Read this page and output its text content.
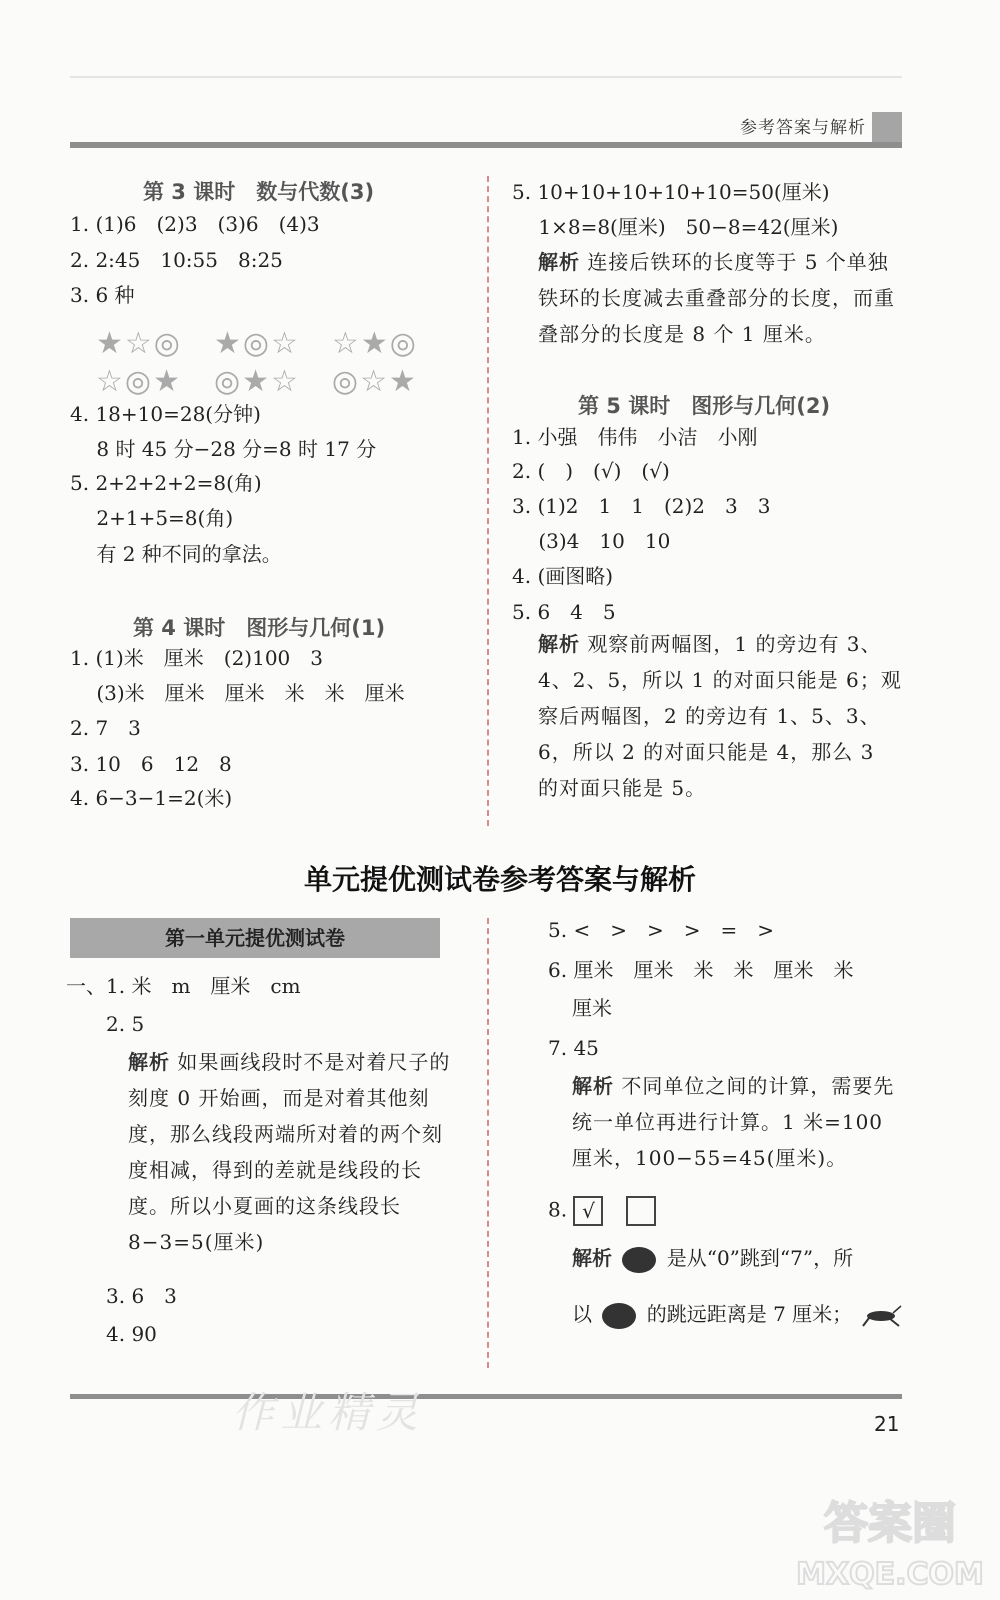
参考答案与解析
第 3 课时　数与代数(3)
1. (1)6　(2)3　(3)6　(4)3
2. 2:45　10:55　8:25
3. 6 种
★☆◎　★◎☆　☆★◎
☆◎★　◎★☆　◎☆★
4. 18+10=28(分钟)
　 8 时 45 分−28 分=8 时 17 分
5. 2+2+2+2=8(角)
　 2+1+5=8(角)
　 有 2 种不同的拿法。
第 4 课时　图形与几何(1)
1. (1)米　厘米　(2)100　3
　 (3)米　厘米　厘米　米　米　厘米
2. 7　3
3. 10　6　12　8
4. 6−3−1=2(米)
5. 10+10+10+10+10=50(厘米)
　 1×8=8(厘米)　50−8=42(厘米)
解析 连接后铁环的长度等于 5 个单独铁环的长度减去重叠部分的长度，而重叠部分的长度是 8 个 1 厘米。
第 5 课时　图形与几何(2)
1. 小强　伟伟　小洁　小刚
2. (　)　(√)　(√)
3. (1)2　1　1　(2)2　3　3
　 (3)4　10　10
4. (画图略)
5. 6　4　5
解析 观察前两幅图，1 的旁边有 3、4、2、5，所以 1 的对面只能是 6；观察后两幅图，2 的旁边有 1、5、3、6，所以 2 的对面只能是 4，那么 3 的对面只能是 5。
单元提优测试卷参考答案与解析
第一单元提优测试卷
一、1. 米　m　厘米　cm
2. 5
解析 如果画线段时不是对着尺子的刻度 0 开始画，而是对着其他刻度，那么线段两端所对着的两个刻度相减，得到的差就是线段的长度。所以小夏画的这条线段长 8−3=5(厘米)
3. 6　3
4. 90
5. <　>　>　>　=　>
6. 厘米　厘米　米　米　厘米　米
厘米
7. 45
解析 不同单位之间的计算，需要先统一单位再进行计算。1 米=100 厘米，100−55=45(厘米)。
8. √
解析	是从“0”跳到“7”，所
以	的跳远距离是 7 厘米；
作业精灵	21
答案圈
MXQE.COM
